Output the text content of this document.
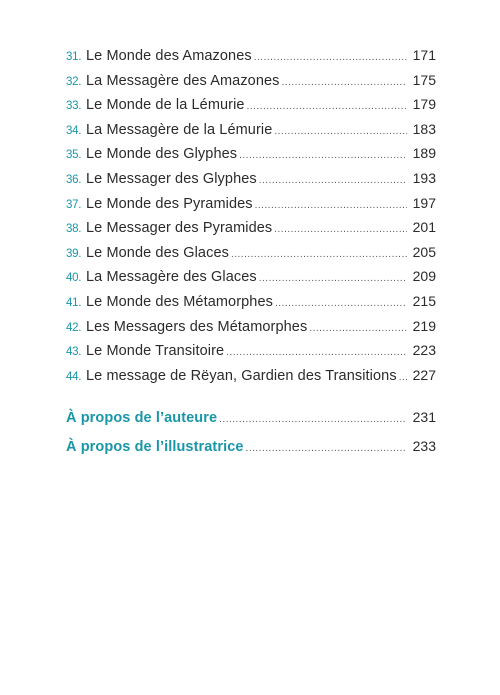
31. Le Monde des Amazones .....	171
32. La Messagère des Amazones .....	175
33. Le Monde de la Lémurie .....	179
34. La Messagère de la Lémurie .....	183
35. Le Monde des Glyphes .....	189
36. Le Messager des Glyphes .....	193
37. Le Monde des Pyramides .....	197
38. Le Messager des Pyramides .....	201
39. Le Monde des Glaces .....	205
40. La Messagère des Glaces .....	209
41. Le Monde des Métamorphes .....	215
42. Les Messagers des Métamorphes .....	219
43. Le Monde Transitoire .....	223
44. Le message de Rëyan, Gardien des Transitions ..... 227
À propos de l’auteure .....	231
À propos de l’illustratrice .....	233
